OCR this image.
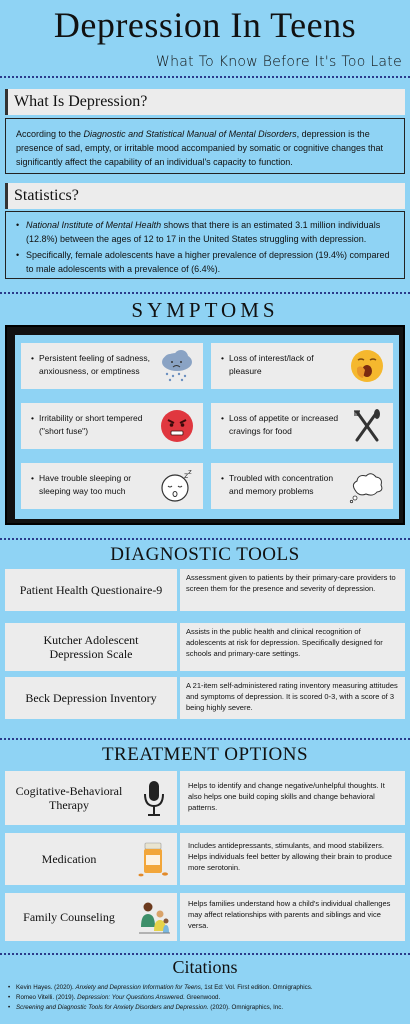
Depression In Teens
What To Know Before It's Too Late
What Is Depression?
According to the Diagnostic and Statistical Manual of Mental Disorders, depression is the presence of sad, empty, or irritable mood accompanied by somatic or cognitive changes that significantly affect the capability of an individual's capacity to function.
Statistics?
• National Institute of Mental Health shows that there is an estimated 3.1 million individuals (12.8%) between the ages of 12 to 17 in the United States struggling with depression.
• Specifically, female adolescents have a higher prevalence of depression (19.4%) compared to male adolescents with a prevalence of (6.4%).
SYMPTOMS
• Persistent feeling of sadness, anxiousness, or emptiness
• Loss of interest/lack of pleasure
• Irritability or short tempered ("short fuse")
• Loss of appetite or increased cravings for food
• Have trouble sleeping or sleeping way too much
z z
• Troubled with concentration and memory problems
DIAGNOSTIC TOOLS
Patient Health Questionaire-9
Assessment given to patients by their primary-care providers to screen them for the presence and severity of depression.
Kutcher Adolescent Depression Scale
Assists in the public health and clinical recognition of adolescents at risk for depression. Specifically designed for schools and primary-care settings.
Beck Depression Inventory
A 21-item self-administered rating inventory measuring attitudes and symptoms of depression. It is scored 0-3, with a score of 3 being highly severe.
TREATMENT OPTIONS
Cogitative-Behavioral Therapy
Helps to identify and change negative/unhelpful thoughts. It also helps one build coping skills and change behavioral patterns.
Medication
Includes antidepressants, stimulants, and mood stabilizers. Helps individuals feel better by allowing their brain to produce more serotonin.
Family Counseling
Helps families understand how a child's individual challenges may affect relationships with parents and siblings and vice versa.
Citations
• Kevin Hayes. (2020). Anxiety and Depression Information for Teens, 1st Ed: Vol. First edition. Omnigraphics.
• Romeo Vitelli. (2019). Depression: Your Questions Answered. Greenwood.
• Screening and Diagnostic Tools for Anxiety Disorders and Depression. (2020). Omnigraphics, Inc.
